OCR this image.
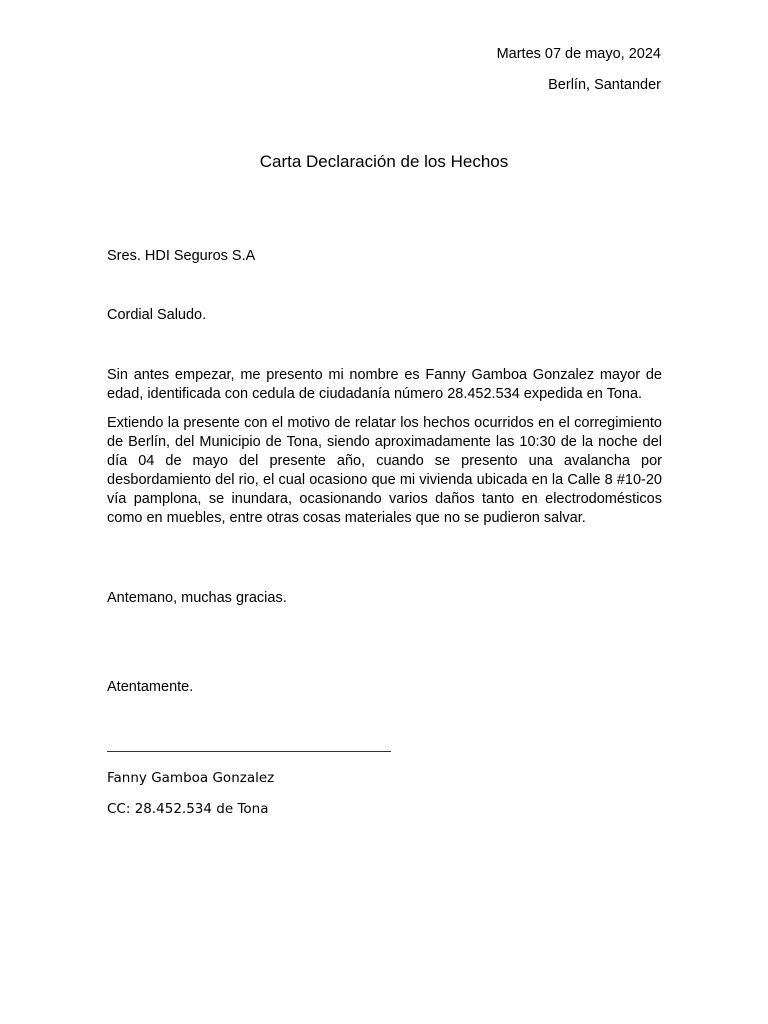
Martes 07 de mayo, 2024

Berlín, Santander

Carta Declaración de los Hechos

Sres. HDI Seguros S.A

Cordial Saludo.

Sin antes empezar, me presento mi nombre es Fanny Gamboa Gonzalez mayor de edad, identificada con cedula de ciudadanía número 28.452.534 expedida en Tona.

Extiendo la presente con el motivo de relatar los hechos ocurridos en el corregimiento de Berlín, del Municipio de Tona, siendo aproximadamente las 10:30 de la noche del día 04 de mayo del presente año, cuando se presento una avalancha por desbordamiento del rio, el cual ocasiono que mi vivienda ubicada en la Calle 8 #10-20 vía pamplona, se inundara, ocasionando varios daños tanto en electrodomésticos como en muebles, entre otras cosas materiales que no se pudieron salvar.

Antemano, muchas gracias.

Atentamente.

Fanny Gamboa Gonzalez

CC: 28.452.534 de Tona
